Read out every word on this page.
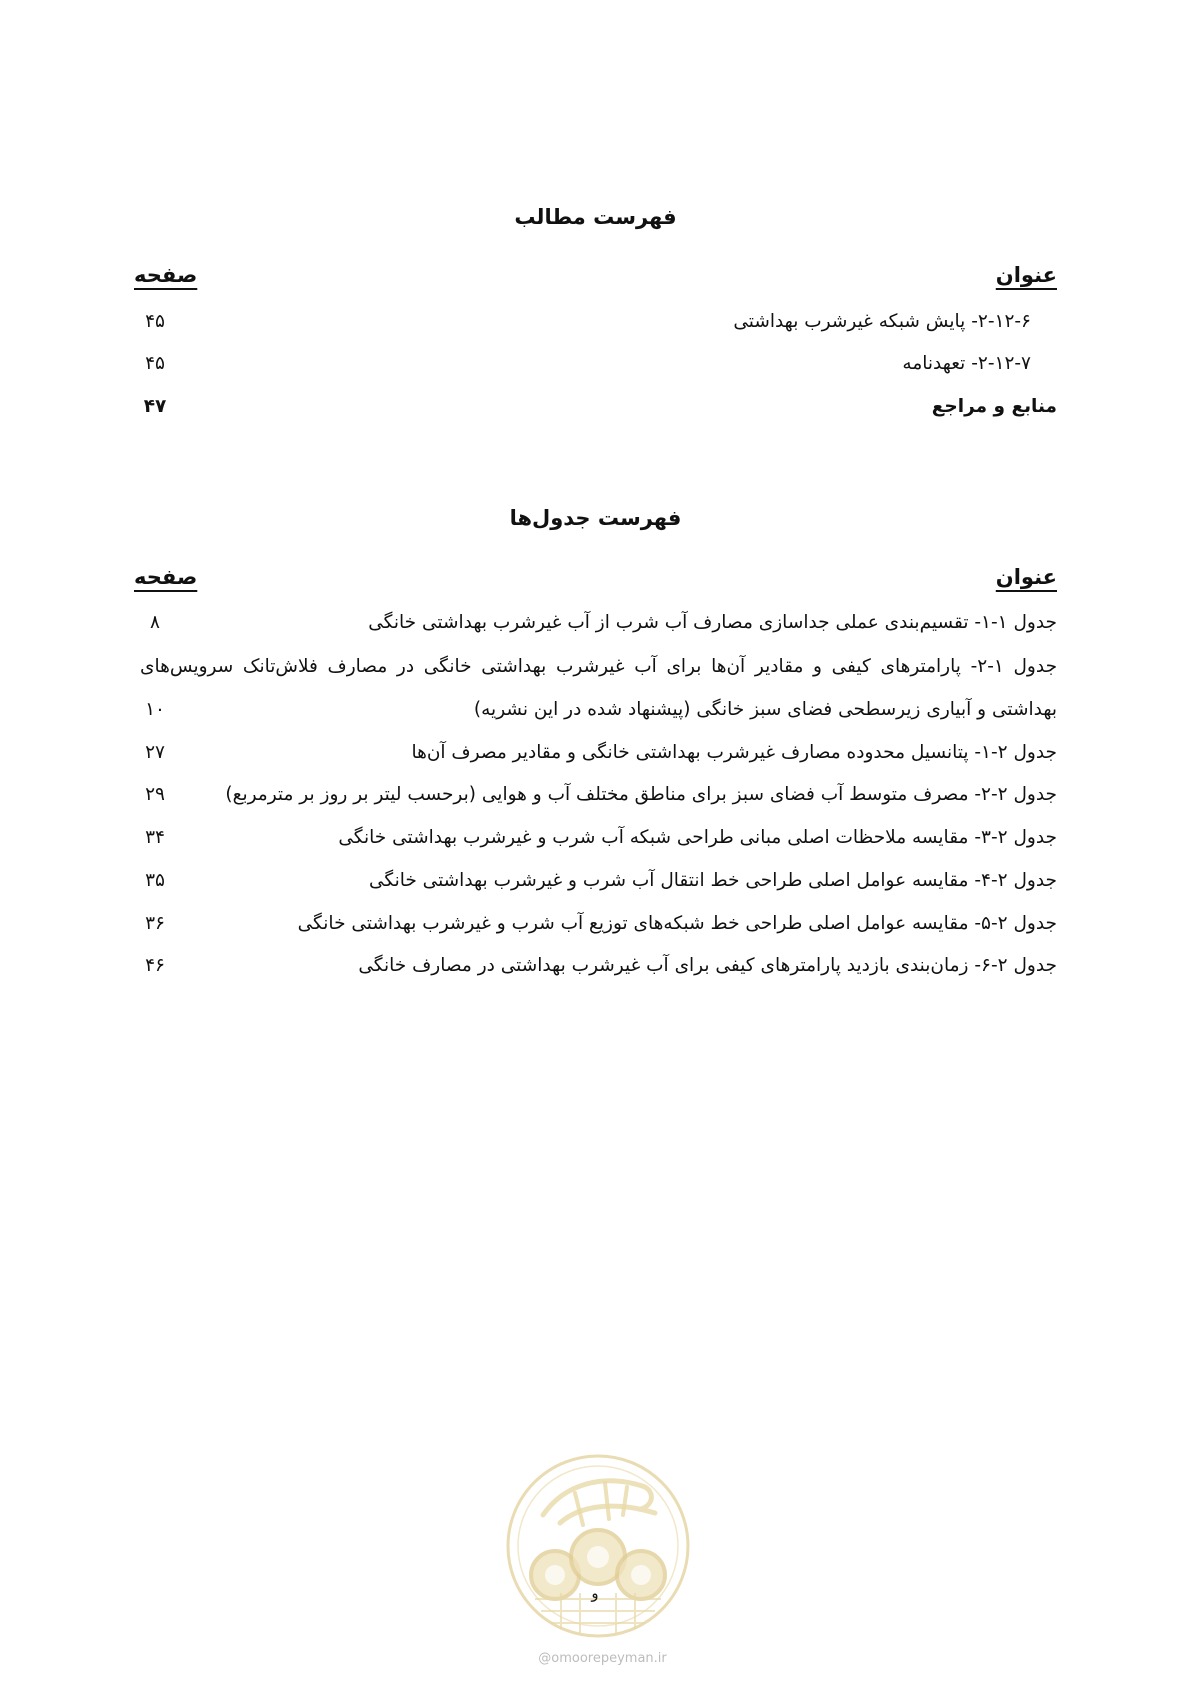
فهرست مطالب
عنوان
صفحه
۲-۱۲-۶- پایش شبکه غیرشرب بهداشتی
۴۵
۲-۱۲-۷- تعهدنامه
۴۵
منابع و مراجع
۴۷
فهرست جدول‌ها
عنوان
صفحه
جدول ۱-۱- تقسیم‌بندی عملی جداسازی مصارف آب شرب از آب غیرشرب بهداشتی خانگی
۸
جدول ۱-۲- پارامترهای کیفی و مقادیر آن‌ها برای آب غیرشرب بهداشتی خانگی در مصارف فلاش‌تانک سرویس‌های
بهداشتی و آبیاری زیرسطحی فضای سبز خانگی (پیشنهاد شده در این نشریه)
۱۰
جدول ۲-۱- پتانسیل محدوده مصارف غیرشرب بهداشتی خانگی و مقادیر مصرف آن‌ها
۲۷
جدول ۲-۲- مصرف متوسط آب فضای سبز برای مناطق مختلف آب و هوایی (برحسب لیتر بر روز بر مترمربع)
۲۹
جدول ۲-۳- مقایسه ملاحظات اصلی مبانی طراحی شبکه آب شرب و غیرشرب بهداشتی خانگی
۳۴
جدول ۲-۴- مقایسه عوامل اصلی طراحی خط انتقال آب شرب و غیرشرب بهداشتی خانگی
۳۵
جدول ۲-۵- مقایسه عوامل اصلی طراحی خط شبکه‌های توزیع آب شرب و غیرشرب بهداشتی خانگی
۳۶
جدول ۲-۶- زمان‌بندی بازدید پارامترهای کیفی برای آب غیرشرب بهداشتی در مصارف خانگی
۴۶
و
@omoorepeyman.ir
